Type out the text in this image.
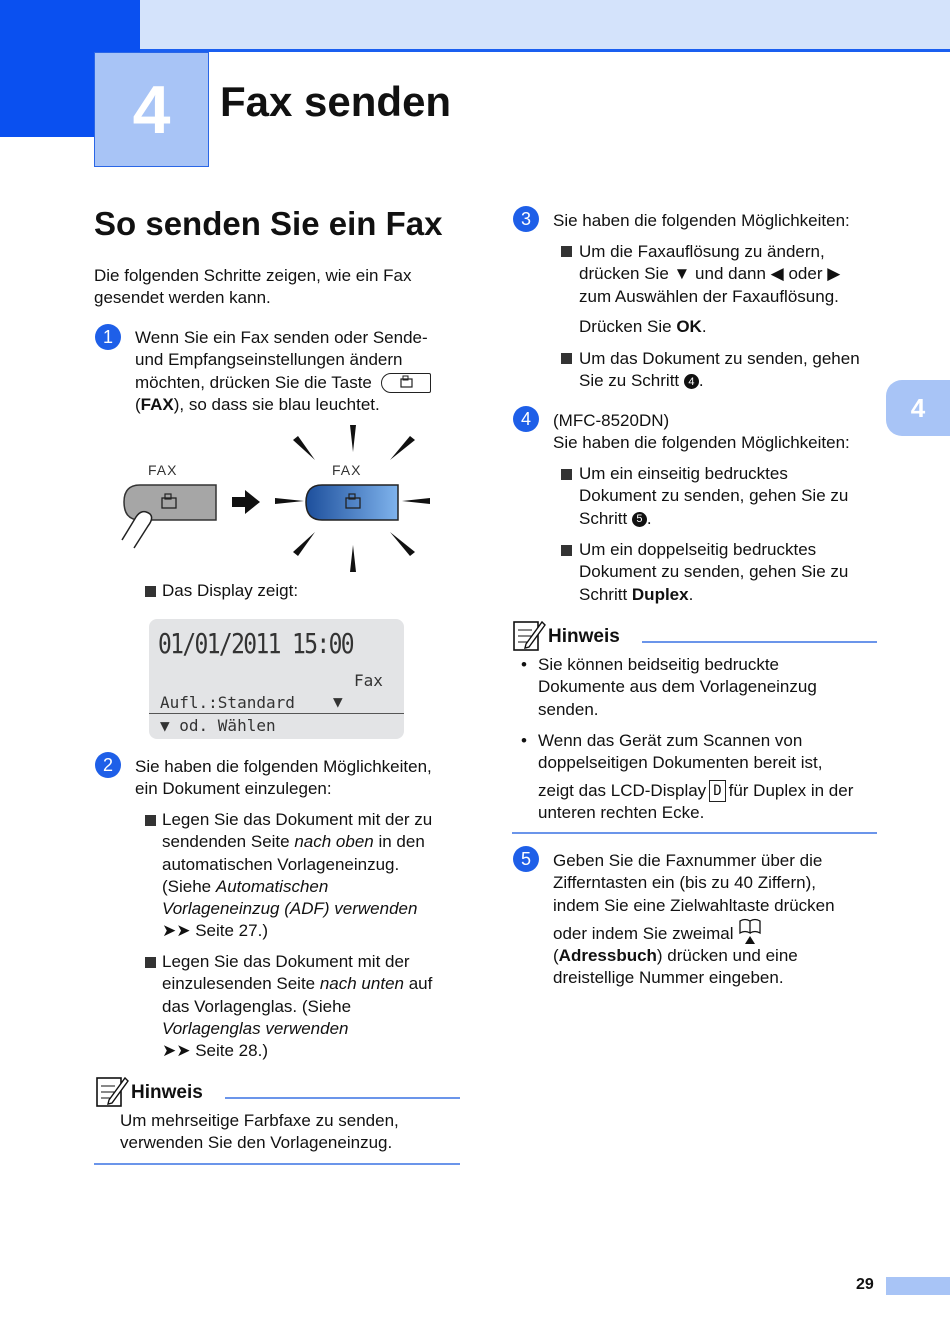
4	Fax senden
4
So senden Sie ein Fax
Die folgenden Schritte zeigen, wie ein Fax gesendet werden kann.
1	Wenn Sie ein Fax senden oder Sende-
und Empfangseinstellungen ändern
möchten, drücken Sie die Taste
(FAX), so dass sie blau leuchtet.
FAX	FAX
Das Display zeigt:
01/01/2011 15:00
Fax
Aufl.:Standard ▼
▼ od. Wählen
2	Sie haben die folgenden Möglichkeiten,
ein Dokument einzulegen:
Legen Sie das Dokument mit der zu
sendenden Seite nach oben in den
automatischen Vorlageneinzug.
(Siehe Automatischen
Vorlageneinzug (ADF) verwenden
➤➤ Seite 27.)
Legen Sie das Dokument mit der
einzulesenden Seite nach unten auf
das Vorlagenglas. (Siehe
Vorlagenglas verwenden
➤➤ Seite 28.)
Hinweis
Um mehrseitige Farbfaxe zu senden,
verwenden Sie den Vorlageneinzug.
3	Sie haben die folgenden Möglichkeiten:
Um die Faxauflösung zu ändern,
drücken Sie ▼ und dann ◀ oder ▶
zum Auswählen der Faxauflösung.
Drücken Sie OK.
Um das Dokument zu senden, gehen
Sie zu Schritt 4 .
4	(MFC-8520DN)
Sie haben die folgenden Möglichkeiten:
Um ein einseitig bedrucktes
Dokument zu senden, gehen Sie zu
Schritt 5 .
Um ein doppelseitig bedrucktes
Dokument zu senden, gehen Sie zu
Schritt Duplex.
Hinweis
• Sie können beidseitig bedruckte
Dokumente aus dem Vorlageneinzug
senden.
• Wenn das Gerät zum Scannen von
doppelseitigen Dokumenten bereit ist,
zeigt das LCD-Display D für Duplex in der
unteren rechten Ecke.
5	Geben Sie die Faxnummer über die
Zifferntasten ein (bis zu 40 Ziffern),
indem Sie eine Zielwahltaste drücken
oder indem Sie zweimal
(Adressbuch) drücken und eine
dreistellige Nummer eingeben.
29
